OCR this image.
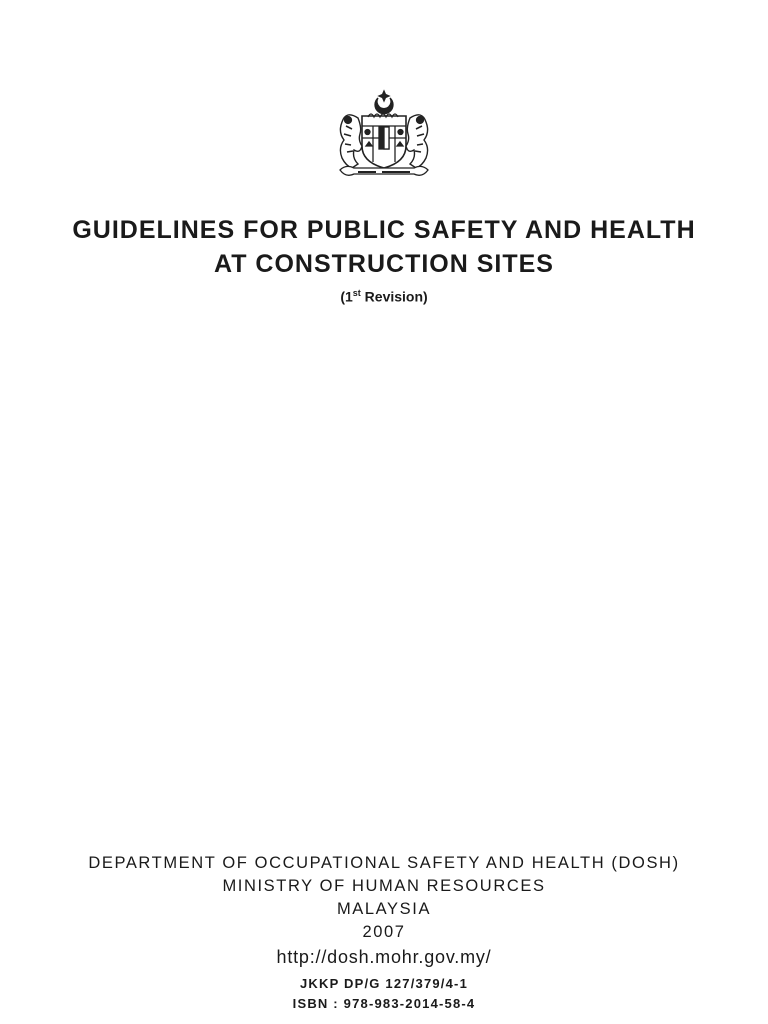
GUIDELINES FOR PUBLIC SAFETY AND HEALTH
AT CONSTRUCTION SITES
(1st Revision)
DEPARTMENT OF OCCUPATIONAL SAFETY AND HEALTH (DOSH)
MINISTRY OF HUMAN RESOURCES
MALAYSIA
2007
http://dosh.mohr.gov.my/
JKKP DP/G 127/379/4-1
ISBN : 978-983-2014-58-4
